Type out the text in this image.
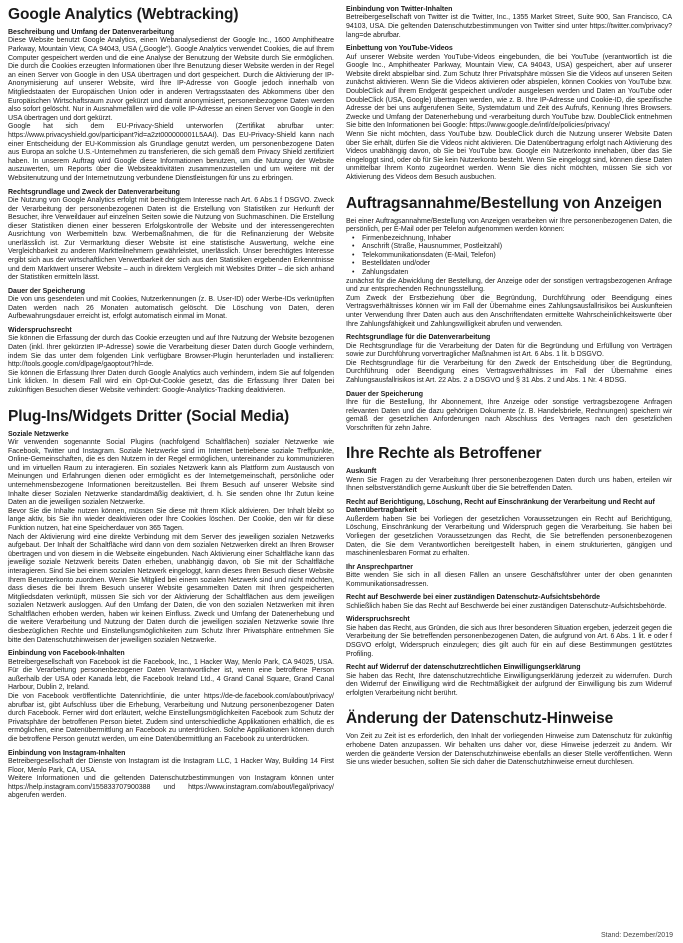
Google Analytics (Webtracking)
Beschreibung und Umfang der Datenverarbeitung

Diese Website benutzt Google Analytics, einen Webanalysedienst der Google Inc., 1600 Amphitheatre Parkway, Mountain View, CA 94043, USA („Google"). Google Analytics verwendet Cookies, die auf Ihrem Computer gespeichert werden und die eine Analyse der Benutzung der Website durch Sie ermöglichen. Die durch die Cookies erzeugten Informationen über Ihre Benutzung dieser Website werden in der Regel an einen Server von Google in den USA übertragen und dort gespeichert. Durch die Aktivierung der IP-Anonymisierung auf unserer Website, wird Ihre IP-Adresse von Google jedoch innerhalb von Mitgliedstaaten der Europäischen Union oder in anderen Vertragsstaaten des Abkommens über den Europäischen Wirtschaftsraum zuvor gekürzt und damit anonymisiert, personenbezogene Daten werden also sofort gelöscht. Nur in Ausnahmefällen wird die volle IP-Adresse an einen Server von Google in den USA übertragen und dort gekürzt.

Google hat sich dem EU-Privacy-Shield unterworfen (Zertifikat abrufbar unter: https://www.privacyshield.gov/participant?id=a2zt000000001L5AAI). Das EU-Privacy-Shield kann nach einer Entscheidung der EU-Kommission als Grundlage genutzt werden, um personenbezogene Daten aus Europa an solche U.S.-Unternehmen zu transferieren, die sich gemäß dem Privacy Shield zertifiziert haben. In unserem Auftrag wird Google diese Informationen benutzen, um die Nutzung der Website auszuwerten, um Reports über die Websiteaktivitäten zusammenzustellen und um weitere mit der Websitenutzung und der Internetnutzung verbundene Dienstleistungen für uns zu erbringen.

Rechtsgrundlage und Zweck der Datenverarbeitung

Die Nutzung von Google Analytics erfolgt mit berechtigtem Interesse nach Art. 6 Abs.1 f DSGVO. Zweck der Verarbeitung der personenbezogenen Daten ist die Erstellung von Statistiken zur Herkunft der Besucher, ihre Verweildauer auf einzelnen Seiten sowie die Nutzung von Suchmaschinen. Die Erstellung dieser Statistiken dienen einer besseren Erfolgskontrolle der Website und der interessengerechten Ausrichtung von Werbemitteln bzw. Werbemaßnahmen, die für die Refinanzierung der Website unerlässlich ist. Zur Vermarktung dieser Website ist eine statistische Auswertung, welche eine Vergleichbarkeit zu anderen Marktteilnehmern gewährleistet, unerlässlich. Unser berechtigtes Interesse ergibt sich aus der wirtschaftlichen Verwertbarkeit der sich aus den Statistiken ergebenden Erkenntnisse und dem Marktwert unserer Website – auch in direktem Vergleich mit Websites Dritter – die sich anhand der Statistiken ermitteln lässt.

Dauer der Speicherung

Die von uns gesendeten und mit Cookies, Nutzerkennungen (z. B. User-ID) oder Werbe-IDs verknüpften Daten werden nach 26 Monaten automatisch gelöscht. Die Löschung von Daten, deren Aufbewahrungsdauer erreicht ist, erfolgt automatisch einmal im Monat.

Widerspruchsrecht

Sie können die Erfassung der durch das Cookie erzeugten und auf Ihre Nutzung der Website bezogenen Daten (inkl. Ihrer gekürzten IP-Adresse) sowie die Verarbeitung dieser Daten durch Google verhindern, indem Sie das unter dem folgenden Link verfügbare Browser-Plugin herunterladen und installieren: http://tools.google.com/dlpage/gaoptout?hl=de.

Sie können die Erfassung Ihrer Daten durch Google Analytics auch verhindern, indem Sie auf folgenden Link klicken. In diesem Fall wird ein Opt-Out-Cookie gesetzt, das die Erfassung Ihrer Daten bei zukünftigen Besuchen dieser Website verhindert: Google-Analytics-Tracking deaktivieren.

Plug-Ins/Widgets Dritter (Social Media)
Soziale Netzwerke

Wir verwenden sogenannte Social Plugins (nachfolgend Schaltflächen) sozialer Netzwerke wie Facebook, Twitter und Instagram. Soziale Netzwerke sind im Internet betriebene soziale Treffpunkte, Online-Gemeinschaften, die es den Nutzern in der Regel ermöglichen, untereinander zu kommunizieren und im virtuellen Raum zu interagieren. Ein soziales Netzwerk kann als Plattform zum Austausch von Meinungen und Erfahrungen dienen oder ermöglicht es der Internetgemeinschaft, persönliche oder unternehmensbezogene Informationen bereitzustellen. Bei Ihrem Besuch auf unserer Website sind Inhalte dieser Sozialen Netzwerke standardmäßig deaktiviert, d. h. Sie senden ohne Ihr Zutun keine Daten an die jeweiligen sozialen Netzwerke.

Bevor Sie die Inhalte nutzen können, müssen Sie diese mit Ihrem Klick aktivieren. Der Inhalt bleibt so lange aktiv, bis Sie ihn wieder deaktivieren oder Ihre Cookies löschen. Der Cookie, den wir für diese Funktion nutzen, hat eine Speicherdauer von 365 Tagen.

Nach der Aktivierung wird eine direkte Verbindung mit dem Server des jeweiligen sozialen Netzwerks aufgebaut. Der Inhalt der Schaltfläche wird dann von dem sozialen Netzwerken direkt an Ihren Browser übertragen und von diesem in die Webseite eingebunden. Nach Aktivierung einer Schaltfläche kann das jeweilige soziale Netzwerk bereits Daten erheben, unabhängig davon, ob Sie mit der Schaltfläche interagieren. Sind Sie bei einem sozialen Netzwerk eingeloggt, kann dieses Ihren Besuch dieser Website Ihrem Benutzerkonto zuordnen. Wenn Sie Mitglied bei einem sozialen Netzwerk sind und nicht möchten, dass dieses die bei Ihrem Besuch unserer Website gesammelten Daten mit Ihren gespeicherten Mitgliedsdaten verknüpft, müssen Sie sich vor der Aktivierung der Schaltflächen aus dem jeweiligen sozialen Netzwerk ausloggen. Auf den Umfang der Daten, die von den sozialen Netzwerken mit ihren Schaltflächen erhoben werden, haben wir keinen Einfluss. Zweck und Umfang der Datenerhebung und die weitere Verarbeitung und Nutzung der Daten durch die jeweiligen sozialen Netzwerke sowie Ihre diesbezüglichen Rechte und Einstellungsmöglichkeiten zum Schutz Ihrer Privatsphäre entnehmen Sie bitte den Datenschutzhinweisen der jeweiligen sozialen Netzwerke.

Einbindung von Facebook-Inhalten

Betreibergesellschaft von Facebook ist die Facebook, Inc., 1 Hacker Way, Menlo Park, CA 94025, USA. Für die Verarbeitung personenbezogener Daten Verantwortlicher ist, wenn eine betroffene Person außerhalb der USA oder Kanada lebt, die Facebook Ireland Ltd., 4 Grand Canal Square, Grand Canal Harbour, Dublin 2, Ireland.

Die von Facebook veröffentlichte Datenrichtlinie, die unter https://de-de.facebook.com/about/privacy/ abrufbar ist, gibt Aufschluss über die Erhebung, Verarbeitung und Nutzung personenbezogener Daten durch Facebook. Ferner wird dort erläutert, welche Einstellungsmöglichkeiten Facebook zum Schutz der Privatsphäre der betroffenen Person bietet. Zudem sind unterschiedliche Applikationen erhältlich, die es ermöglichen, eine Datenübermittlung an Facebook zu unterdrücken. Solche Applikationen können durch die betroffene Person genutzt werden, um eine Datenübermittlung an Facebook zu unterdrücken.

Einbindung von Instagram-Inhalten

Betreibergesellschaft der Dienste von Instagram ist die Instagram LLC, 1 Hacker Way, Building 14 First Floor, Menlo Park, CA, USA.

Weitere Informationen und die geltenden Datenschutzbestimmungen von Instagram können unter https://help.instagram.com/155833707900388 und https://www.instagram.com/about/legal/privacy/ abgerufen werden.

Einbindung von Twitter-Inhalten

Betreibergesellschaft von Twitter ist die Twitter, Inc., 1355 Market Street, Suite 900, San Francisco, CA 94103, USA. Die geltenden Datenschutzbestimmungen von Twitter sind unter https://twitter.com/privacy?lang=de abrufbar.

Einbettung von YouTube-Videos

Auf unserer Website werden YouTube-Videos eingebunden, die bei YouTube (verantwortlich ist die Google Inc., Amphitheater Parkway, Mountain View, CA 94043, USA) gespeichert, aber auf unserer Website direkt abspielbar sind. Zum Schutz Ihrer Privatsphäre müssen Sie die Videos auf unseren Seiten zunächst aktivieren. Wenn Sie die Videos aktivieren oder abspielen, können Cookies von YouTube bzw. DoubleClick auf Ihrem Endgerät gespeichert und/oder ausgelesen werden und Daten an YouTube oder DoubleClick (USA, Google) übertragen werden, wie z. B. Ihre IP-Adresse und Cookie-ID, die spezifische Adresse der bei uns aufgerufenen Seite, Systemdatum und Zeit des Aufrufs, Kennung Ihres Browsers. Zwecke und Umfang der Datenerhebung und -verarbeitung durch YouTube bzw. DoubleClick entnehmen Sie bitte den Informationen bei Google: https://www.google.de/intl/de/policies/privacy/

Wenn Sie nicht möchten, dass YouTube bzw. DoubleClick durch die Nutzung unserer Website Daten über Sie erhält, dürfen Sie die Videos nicht aktivieren. Die Datenübertragung erfolgt nach Aktivierung des Videos unabhängig davon, ob Sie bei YouTube bzw. Google ein Nutzerkonto innehaben, über das Sie eingeloggt sind, oder ob für Sie kein Nutzerkonto besteht. Wenn Sie eingeloggt sind, können diese Daten unmittelbar Ihrem Konto zugeordnet werden. Wenn Sie dies nicht möchten, müssen Sie sich vor Aktivierung des Videos dem Besuch ausbuchen.

Auftragsannahme/Bestellung von Anzeigen

Bei einer Auftragsannahme/Bestellung von Anzeigen verarbeiten wir Ihre personenbezogenen Daten, die persönlich, per E-Mail oder per Telefon aufgenommen werden können:

• Firmenbezeichnung, Inhaber
• Anschrift (Straße, Hausnummer, Postleitzahl)
• Telekommunikationsdaten (E-Mail, Telefon)
• Bestelldaten und/oder
• Zahlungsdaten

zunächst für die Abwicklung der Bestellung, der Anzeige oder der sonstigen vertragsbezogenen Anfrage und zur entsprechenden Rechnungsstellung.

Zum Zweck der Erstbeziehung über die Begründung, Durchführung oder Beendigung eines Vertragsverhältnisses können wir im Fall der Übernahme eines Zahlungsausfallrisikos bei Auskunfteien unter Verwendung Ihrer Daten auch aus den Anschriftendaten ermittelte Wahrscheinlichkeitswerte über Ihre Zahlungsfähigkeit und Zahlungswilligkeit abrufen und verwenden.

Rechtsgrundlage für die Datenverarbeitung

Die Rechtsgrundlage für die Verarbeitung der Daten für die Begründung und Erfüllung von Verträgen sowie zur Durchführung vorvertraglicher Maßnahmen ist Art. 6 Abs. 1 lit. b DSGVO.

Die Rechtsgrundlage für die Verarbeitung für den Zweck der Entscheidung über die Begründung, Durchführung oder Beendigung eines Vertragsverhältnisses im Fall der Übernahme eines Zahlungsausfallrisikos ist Art. 22 Abs. 2 a DSGVO und § 31 Abs. 2 und Abs. 1 Nr. 4 BDSG.

Dauer der Speicherung

Ihre für die Bestellung, Ihr Abonnement, Ihre Anzeige oder sonstige vertragsbezogene Anfragen relevanten Daten und die dazu gehörigen Dokumente (z. B. Handelsbriefe, Rechnungen) speichern wir gemäß der gesetzlichen Anforderungen nach Abschluss des Vertrages nach den gesetzlichen Vorschriften für zehn Jahre.

Ihre Rechte als Betroffener
Auskunft

Wenn Sie Fragen zu der Verarbeitung Ihrer personenbezogenen Daten durch uns haben, erteilen wir Ihnen selbstverständlich gerne Auskunft über die Sie betreffenden Daten.

Recht auf Berichtigung, Löschung, Recht auf Einschränkung der Verarbeitung und Recht auf Datenübertragbarkeit

Außerdem haben Sie bei Vorliegen der gesetzlichen Voraussetzungen ein Recht auf Berichtigung, Löschung, Einschränkung der Verarbeitung und Widerspruch gegen die Verarbeitung. Sie haben bei Vorliegen der gesetzlichen Voraussetzungen das Recht, die Sie betreffenden personenbezogenen Daten, die Sie dem Verantwortlichen bereitgestellt haben, in einem strukturierten, gängigen und maschinenlesbaren Format zu erhalten.

Ihr Ansprechpartner

Bitte wenden Sie sich in all diesen Fällen an unsere Geschäftsführer unter der oben genannten Kommunikationsadressen.

Recht auf Beschwerde bei einer zuständigen Datenschutz-Aufsichtsbehörde

Schließlich haben Sie das Recht auf Beschwerde bei einer zuständigen Datenschutz-Aufsichtsbehörde.

Widerspruchsrecht

Sie haben das Recht, aus Gründen, die sich aus Ihrer besonderen Situation ergeben, jederzeit gegen die Verarbeitung der Sie betreffenden personenbezogenen Daten, die aufgrund von Art. 6 Abs. 1 lit. e oder f DSGVO erfolgt, Widerspruch einzulegen; dies gilt auch für ein auf diese Bestimmungen gestütztes Profiling.

Recht auf Widerruf der datenschutzrechtlichen Einwilligungserklärung

Sie haben das Recht, Ihre datenschutzrechtliche Einwilligungserklärung jederzeit zu widerrufen. Durch den Widerruf der Einwilligung wird die Rechtmäßigkeit der aufgrund der Einwilligung bis zum Widerruf erfolgten Verarbeitung nicht berührt.

Änderung der Datenschutz-Hinweise

Von Zeit zu Zeit ist es erforderlich, den Inhalt der vorliegenden Hinweise zum Datenschutz für zukünftig erhobene Daten anzupassen. Wir behalten uns daher vor, diese Hinweise jederzeit zu ändern. Wir werden die geänderte Version der Datenschutzhinweise ebenfalls an dieser Stelle veröffentlichen. Wenn Sie uns wieder besuchen, sollten Sie sich daher die Datenschutzhinweise erneut durchlesen.

Stand: Dezember/2019
